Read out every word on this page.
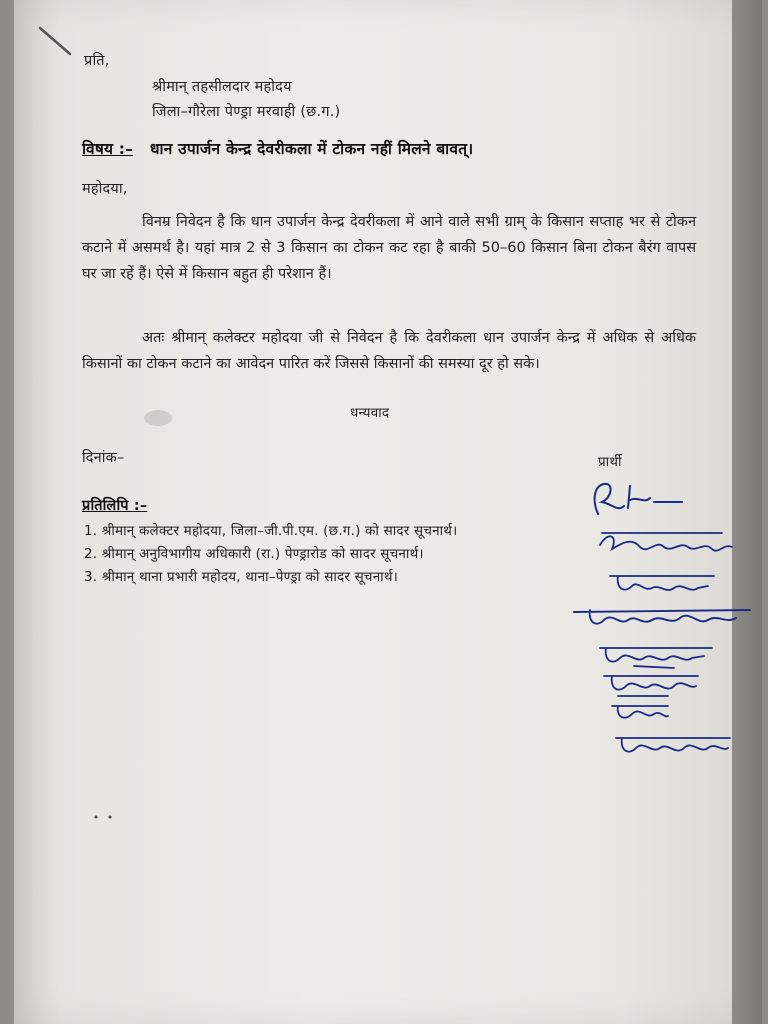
प्रति,
श्रीमान् तहसीलदार महोदय
जिला–गौरेला पेण्ड्रा मरवाही (छ.ग.)
विषय :– धान उपार्जन केन्द्र देवरीकला में टोकन नहीं मिलने बावत्।
महोदया,
विनम्र निवेदन है कि धान उपार्जन केन्द्र देवरीकला में आने वाले सभी ग्राम् के किसान सप्ताह भर से टोकन कटाने में असमर्थ है। यहां मात्र 2 से 3 किसान का टोकन कट रहा है बाकी 50–60 किसान बिना टोकन बैरंग वापस घर जा रहें हैं। ऐसे में किसान बहुत ही परेशान हैं।
अतः श्रीमान् कलेक्टर महोदया जी से निवेदन है कि देवरीकला धान उपार्जन केन्द्र में अधिक से अधिक किसानों का टोकन कटाने का आवेदन पारित करें जिससे किसानों की समस्या दूर हो सके।
धन्यवाद
दिनांक–	प्रार्थी
प्रतिलिपि :–
1. श्रीमान् कलेक्टर महोदया, जिला–जी.पी.एम. (छ.ग.) को सादर सूचनार्थ।
2. श्रीमान् अनुविभागीय अधिकारी (रा.) पेण्ड्रारोड को सादर सूचनार्थ।
3. श्रीमान् थाना प्रभारी महोदय, थाना–पेण्ड्रा को सादर सूचनार्थ।
